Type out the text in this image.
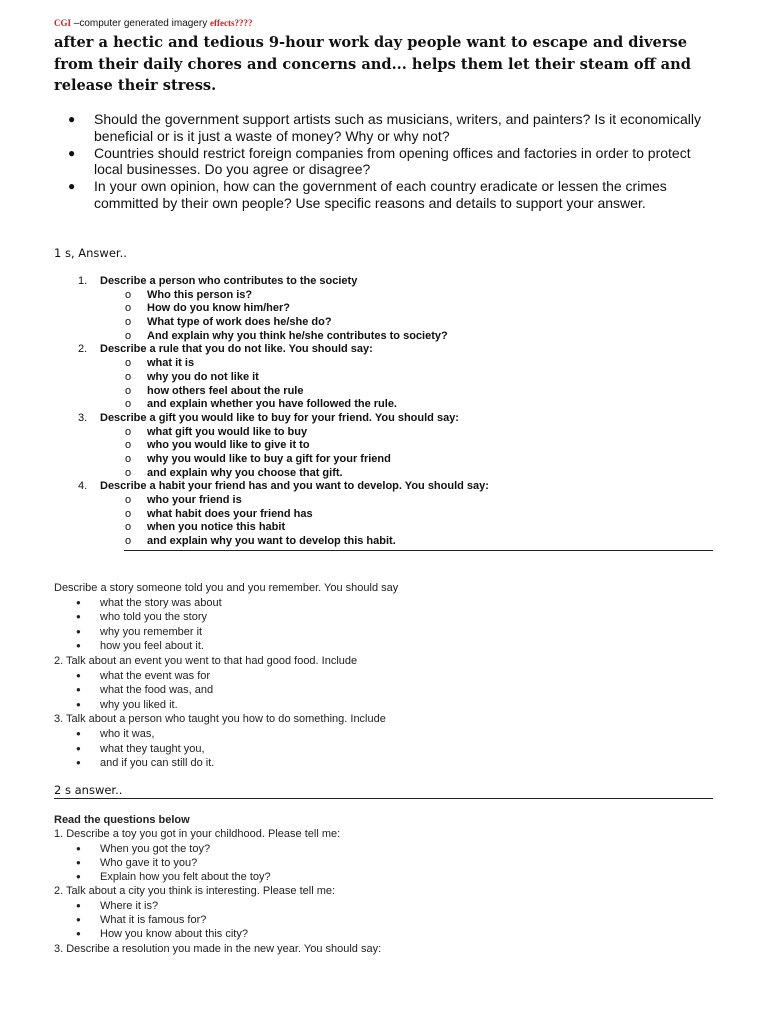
CGI –computer generated imagery effects????
after a hectic and tedious 9-hour work day people want to escape and diverse from their daily chores and concerns and... helps them let their steam off and release their stress.
● Should the government support artists such as musicians, writers, and painters? Is it economically beneficial or is it just a waste of money? Why or why not?
● Countries should restrict foreign companies from opening offices and factories in order to protect local businesses. Do you agree or disagree?
● In your own opinion, how can the government of each country eradicate or lessen the crimes committed by their own people? Use specific reasons and details to support your answer.
1 s, Answer..
1. Describe a person who contributes to the society
o Who this person is?
o How do you know him/her?
o What type of work does he/she do?
o And explain why you think he/she contributes to society?
2. Describe a rule that you do not like. You should say:
o what it is
o why you do not like it
o how others feel about the rule
o and explain whether you have followed the rule.
3. Describe a gift you would like to buy for your friend. You should say:
o what gift you would like to buy
o who you would like to give it to
o why you would like to buy a gift for your friend
o and explain why you choose that gift.
4. Describe a habit your friend has and you want to develop. You should say:
o who your friend is
o what habit does your friend has
o when you notice this habit
o and explain why you want to develop this habit.
Describe a story someone told you and you remember. You should say
● what the story was about
● who told you the story
● why you remember it
● how you feel about it.
2. Talk about an event you went to that had good food. Include
● what the event was for
● what the food was, and
● why you liked it.
3. Talk about a person who taught you how to do something. Include
● who it was,
● what they taught you,
● and if you can still do it.
2 s answer..
Read the questions below
1. Describe a toy you got in your childhood. Please tell me:
● When you got the toy?
● Who gave it to you?
● Explain how you felt about the toy?
2. Talk about a city you think is interesting. Please tell me:
● Where it is?
● What it is famous for?
● How you know about this city?
3. Describe a resolution you made in the new year. You should say:
